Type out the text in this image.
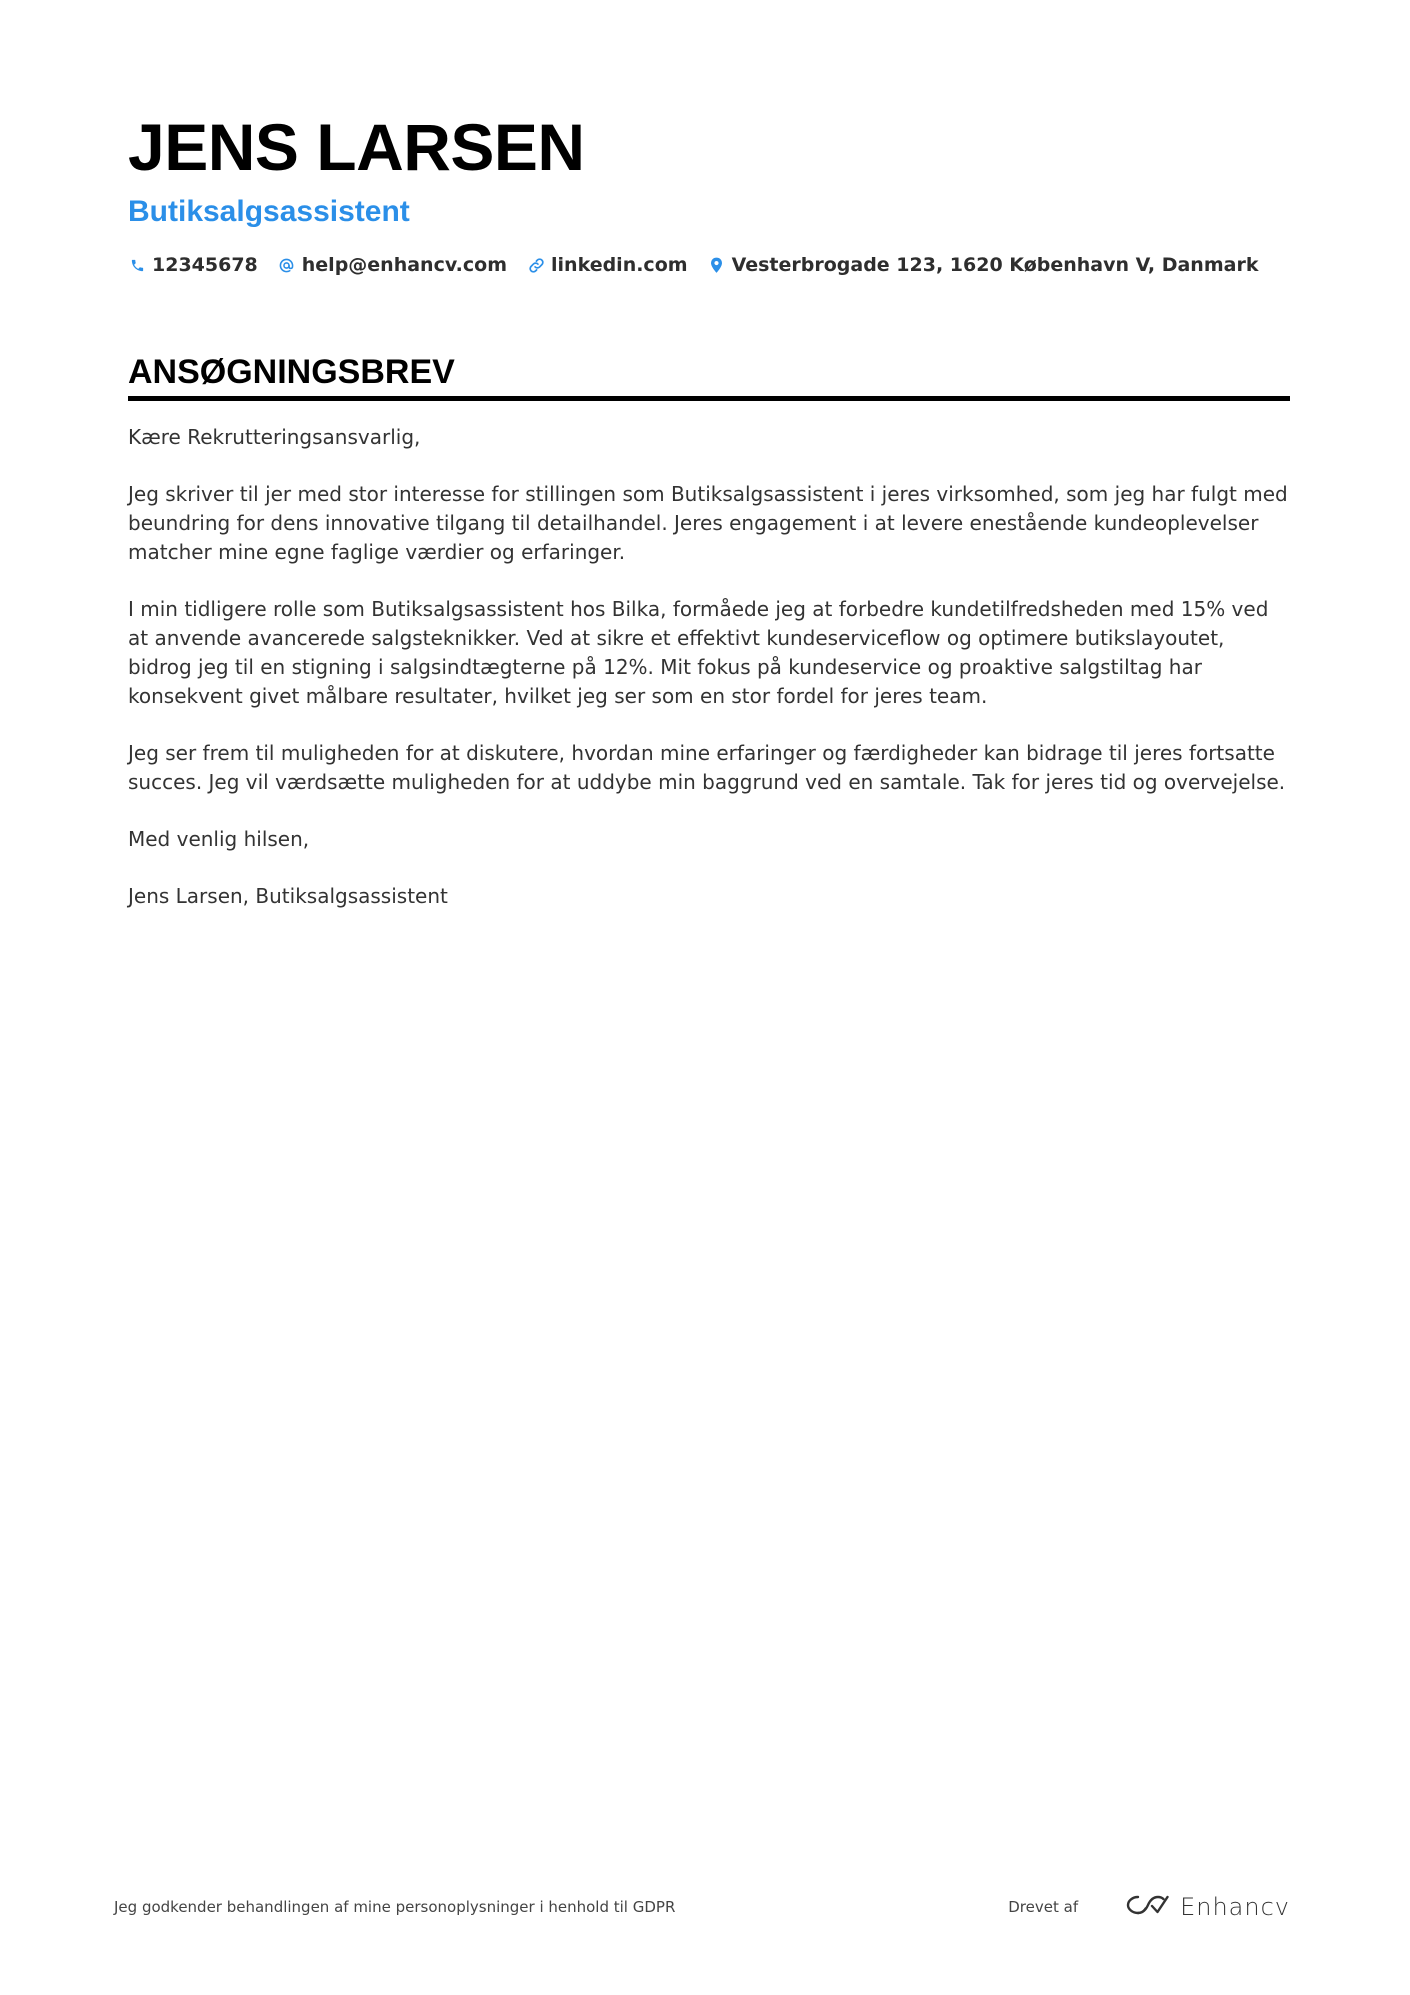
JENS LARSEN
Butiksalgsassistent
12345678 help@enhancv.com linkedin.com Vesterbrogade 123, 1620 København V, Danmark
ANSØGNINGSBREV

Kære Rekrutteringsansvarlig,

Jeg skriver til jer med stor interesse for stillingen som Butiksalgsassistent i jeres virksomhed, som jeg har fulgt med beundring for dens innovative tilgang til detailhandel. Jeres engagement i at levere enestående kundeoplevelser matcher mine egne faglige værdier og erfaringer.

I min tidligere rolle som Butiksalgsassistent hos Bilka, formåede jeg at forbedre kundetilfredsheden med 15% ved at anvende avancerede salgsteknikker. Ved at sikre et effektivt kundeserviceflow og optimere butikslayoutet, bidrog jeg til en stigning i salgsindtægterne på 12%. Mit fokus på kundeservice og proaktive salgstiltag har konsekvent givet målbare resultater, hvilket jeg ser som en stor fordel for jeres team.

Jeg ser frem til muligheden for at diskutere, hvordan mine erfaringer og færdigheder kan bidrage til jeres fortsatte succes. Jeg vil værdsætte muligheden for at uddybe min baggrund ved en samtale. Tak for jeres tid og overvejelse.

Med venlig hilsen,

Jens Larsen, Butiksalgsassistent

Jeg godkender behandlingen af mine personoplysninger i henhold til GDPR	Drevet af	Enhancv
